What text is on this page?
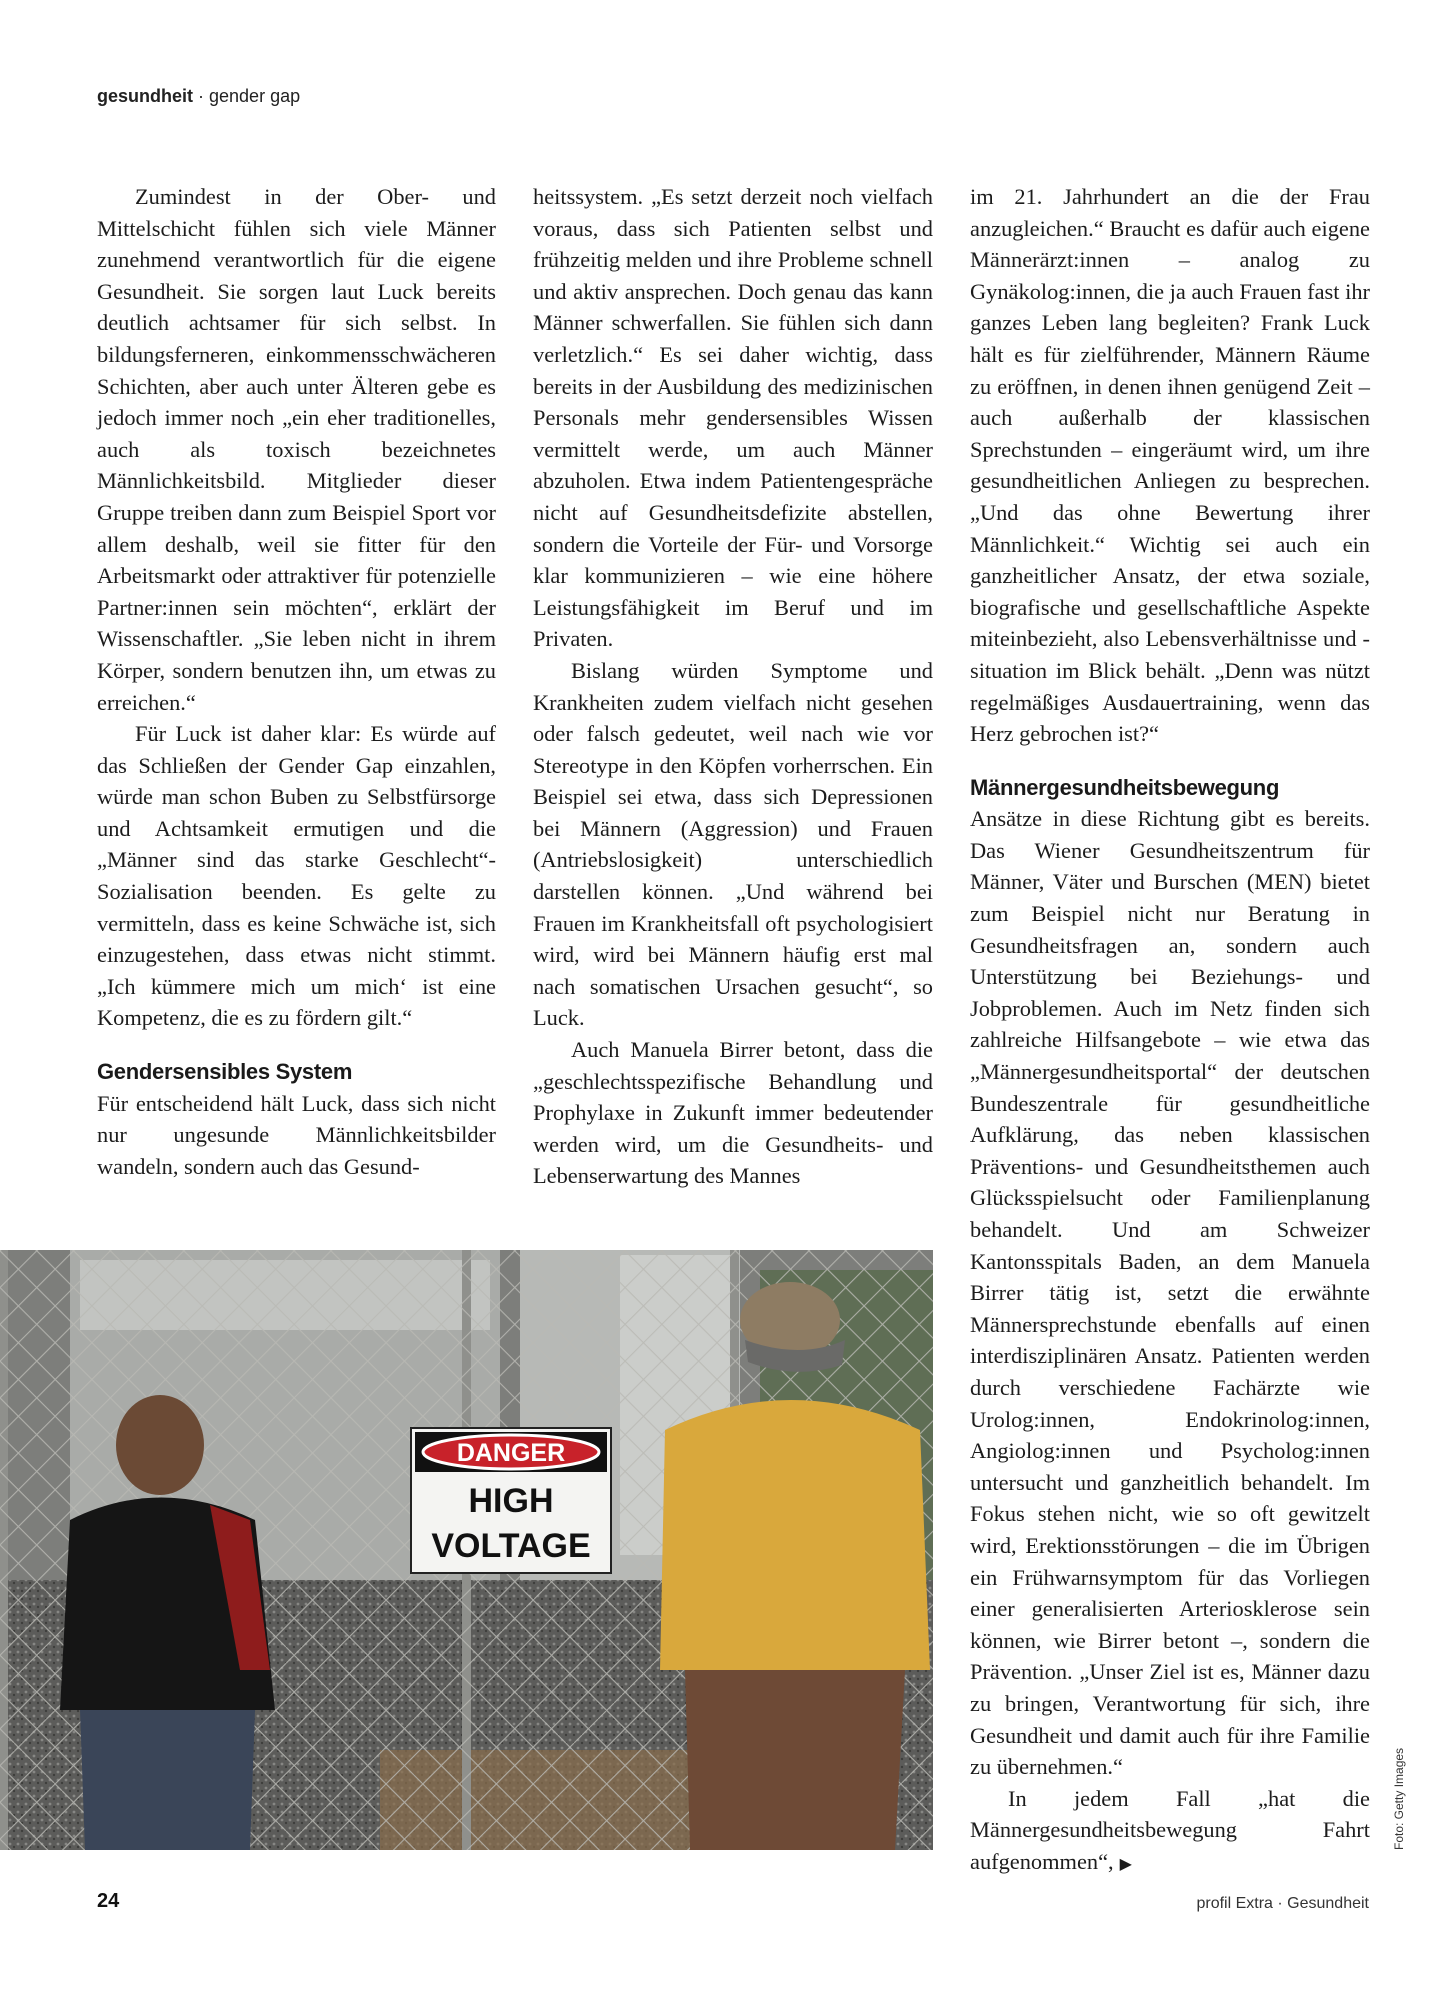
gesundheit · gender gap

Zumindest in der Ober- und Mittelschicht fühlen sich viele Männer zunehmend verantwortlich für die eigene Gesundheit. Sie sorgen laut Luck bereits deutlich achtsamer für sich selbst. In bildungsferneren, einkommensschwächeren Schichten, aber auch unter Älteren gebe es jedoch immer noch „ein eher traditionelles, auch als toxisch bezeichnetes Männlichkeitsbild. Mitglieder dieser Gruppe treiben dann zum Beispiel Sport vor allem deshalb, weil sie fitter für den Arbeitsmarkt oder attraktiver für potenzielle Partner:innen sein möchten“, erklärt der Wissenschaftler. „Sie leben nicht in ihrem Körper, sondern benutzen ihn, um etwas zu erreichen.“

Für Luck ist daher klar: Es würde auf das Schließen der Gender Gap einzahlen, würde man schon Buben zu Selbstfürsorge und Achtsamkeit ermutigen und die „Männer sind das starke Geschlecht“-Sozialisation beenden. Es gelte zu vermitteln, dass es keine Schwäche ist, sich einzugestehen, dass etwas nicht stimmt. „Ich kümmere mich um mich‘ ist eine Kompetenz, die es zu fördern gilt.“

Gendersensibles System

Für entscheidend hält Luck, dass sich nicht nur ungesunde Männlichkeitsbilder wandeln, sondern auch das Gesund-

heitssystem. „Es setzt derzeit noch vielfach voraus, dass sich Patienten selbst und frühzeitig melden und ihre Probleme schnell und aktiv ansprechen. Doch genau das kann Männer schwerfallen. Sie fühlen sich dann verletzlich.“ Es sei daher wichtig, dass bereits in der Ausbildung des medizinischen Personals mehr gendersensibles Wissen vermittelt werde, um auch Männer abzuholen. Etwa indem Patientengespräche nicht auf Gesundheitsdefizite abstellen, sondern die Vorteile der Für- und Vorsorge klar kommunizieren – wie eine höhere Leistungsfähigkeit im Beruf und im Privaten.

Bislang würden Symptome und Krankheiten zudem vielfach nicht gesehen oder falsch gedeutet, weil nach wie vor Stereotype in den Köpfen vorherrschen. Ein Beispiel sei etwa, dass sich Depressionen bei Männern (Aggression) und Frauen (Antriebslosigkeit) unterschiedlich darstellen können. „Und während bei Frauen im Krankheitsfall oft psychologisiert wird, wird bei Männern häufig erst mal nach somatischen Ursachen gesucht“, so Luck.

Auch Manuela Birrer betont, dass die „geschlechtsspezifische Behandlung und Prophylaxe in Zukunft immer bedeutender werden wird, um die Gesundheits- und Lebenserwartung des Mannes

im 21. Jahrhundert an die der Frau anzugleichen.“ Braucht es dafür auch eigene Männerärzt:innen – analog zu Gynäkolog:innen, die ja auch Frauen fast ihr ganzes Leben lang begleiten? Frank Luck hält es für zielführender, Männern Räume zu eröffnen, in denen ihnen genügend Zeit – auch außerhalb der klassischen Sprechstunden – eingeräumt wird, um ihre gesundheitlichen Anliegen zu besprechen. „Und das ohne Bewertung ihrer Männlichkeit.“ Wichtig sei auch ein ganzheitlicher Ansatz, der etwa soziale, biografische und gesellschaftliche Aspekte miteinbezieht, also Lebensverhältnisse und -situation im Blick behält. „Denn was nützt regelmäßiges Ausdauertraining, wenn das Herz gebrochen ist?“

Männergesundheitsbewegung

Ansätze in diese Richtung gibt es bereits. Das Wiener Gesundheitszentrum für Männer, Väter und Burschen (MEN) bietet zum Beispiel nicht nur Beratung in Gesundheitsfragen an, sondern auch Unterstützung bei Beziehungs- und Jobproblemen. Auch im Netz finden sich zahlreiche Hilfsangebote – wie etwa das „Männergesundheitsportal“ der deutschen Bundeszentrale für gesundheitliche Aufklärung, das neben klassischen Präventions- und Gesundheitsthemen auch Glücksspielsucht oder Familienplanung behandelt. Und am Schweizer Kantonsspitals Baden, an dem Manuela Birrer tätig ist, setzt die erwähnte Männersprechstunde ebenfalls auf einen interdisziplinären Ansatz. Patienten werden durch verschiedene Fachärzte wie Urolog:innen, Endokrinolog:innen, Angiolog:innen und Psycholog:innen untersucht und ganzheitlich behandelt. Im Fokus stehen nicht, wie so oft gewitzelt wird, Erektionsstörungen – die im Übrigen ein Frühwarnsymptom für das Vorliegen einer generalisierten Arteriosklerose sein können, wie Birrer betont –, sondern die Prävention. „Unser Ziel ist es, Männer dazu zu bringen, Verantwortung für sich, ihre Gesundheit und damit auch für ihre Familie zu übernehmen.“

In jedem Fall „hat die Männergesundheitsbewegung Fahrt aufgenommen“, ▶

DANGER
HIGH
VOLTAGE
Foto: Getty Images
24	profil Extra · Gesundheit
